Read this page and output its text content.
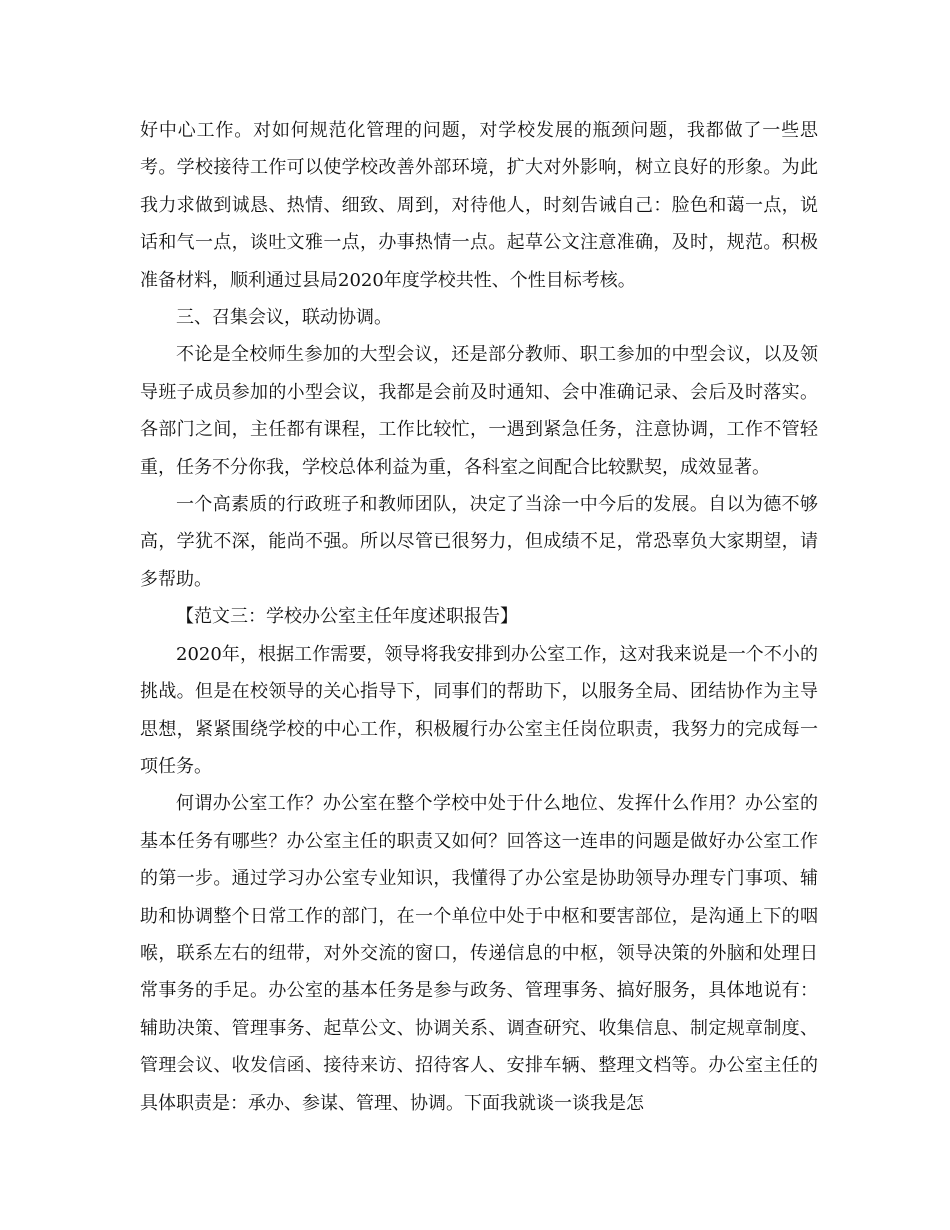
好中心工作。对如何规范化管理的问题，对学校发展的瓶颈问题，我都做了一些思考。学校接待工作可以使学校改善外部环境，扩大对外影响，树立良好的形象。为此我力求做到诚恳、热情、细致、周到，对待他人，时刻告诫自己：脸色和蔼一点，说话和气一点，谈吐文雅一点，办事热情一点。起草公文注意准确，及时，规范。积极准备材料，顺利通过县局2020年度学校共性、个性目标考核。

三、召集会议，联动协调。

不论是全校师生参加的大型会议，还是部分教师、职工参加的中型会议，以及领导班子成员参加的小型会议，我都是会前及时通知、会中准确记录、会后及时落实。各部门之间，主任都有课程，工作比较忙，一遇到紧急任务，注意协调，工作不管轻重，任务不分你我，学校总体利益为重，各科室之间配合比较默契，成效显著。

一个高素质的行政班子和教师团队，决定了当涂一中今后的发展。自以为德不够高，学犹不深，能尚不强。所以尽管已很努力，但成绩不足，常恐辜负大家期望，请多帮助。

【范文三：学校办公室主任年度述职报告】

2020年，根据工作需要，领导将我安排到办公室工作，这对我来说是一个不小的挑战。但是在校领导的关心指导下，同事们的帮助下，以服务全局、团结协作为主导思想，紧紧围绕学校的中心工作，积极履行办公室主任岗位职责，我努力的完成每一项任务。

何谓办公室工作？办公室在整个学校中处于什么地位、发挥什么作用？办公室的基本任务有哪些？办公室主任的职责又如何？回答这一连串的问题是做好办公室工作的第一步。通过学习办公室专业知识，我懂得了办公室是协助领导办理专门事项、辅助和协调整个日常工作的部门，在一个单位中处于中枢和要害部位，是沟通上下的咽喉，联系左右的纽带，对外交流的窗口，传递信息的中枢，领导决策的外脑和处理日常事务的手足。办公室的基本任务是参与政务、管理事务、搞好服务，具体地说有：辅助决策、管理事务、起草公文、协调关系、调查研究、收集信息、制定规章制度、管理会议、收发信函、接待来访、招待客人、安排车辆、整理文档等。办公室主任的具体职责是：承办、参谋、管理、协调。下面我就谈一谈我是怎
